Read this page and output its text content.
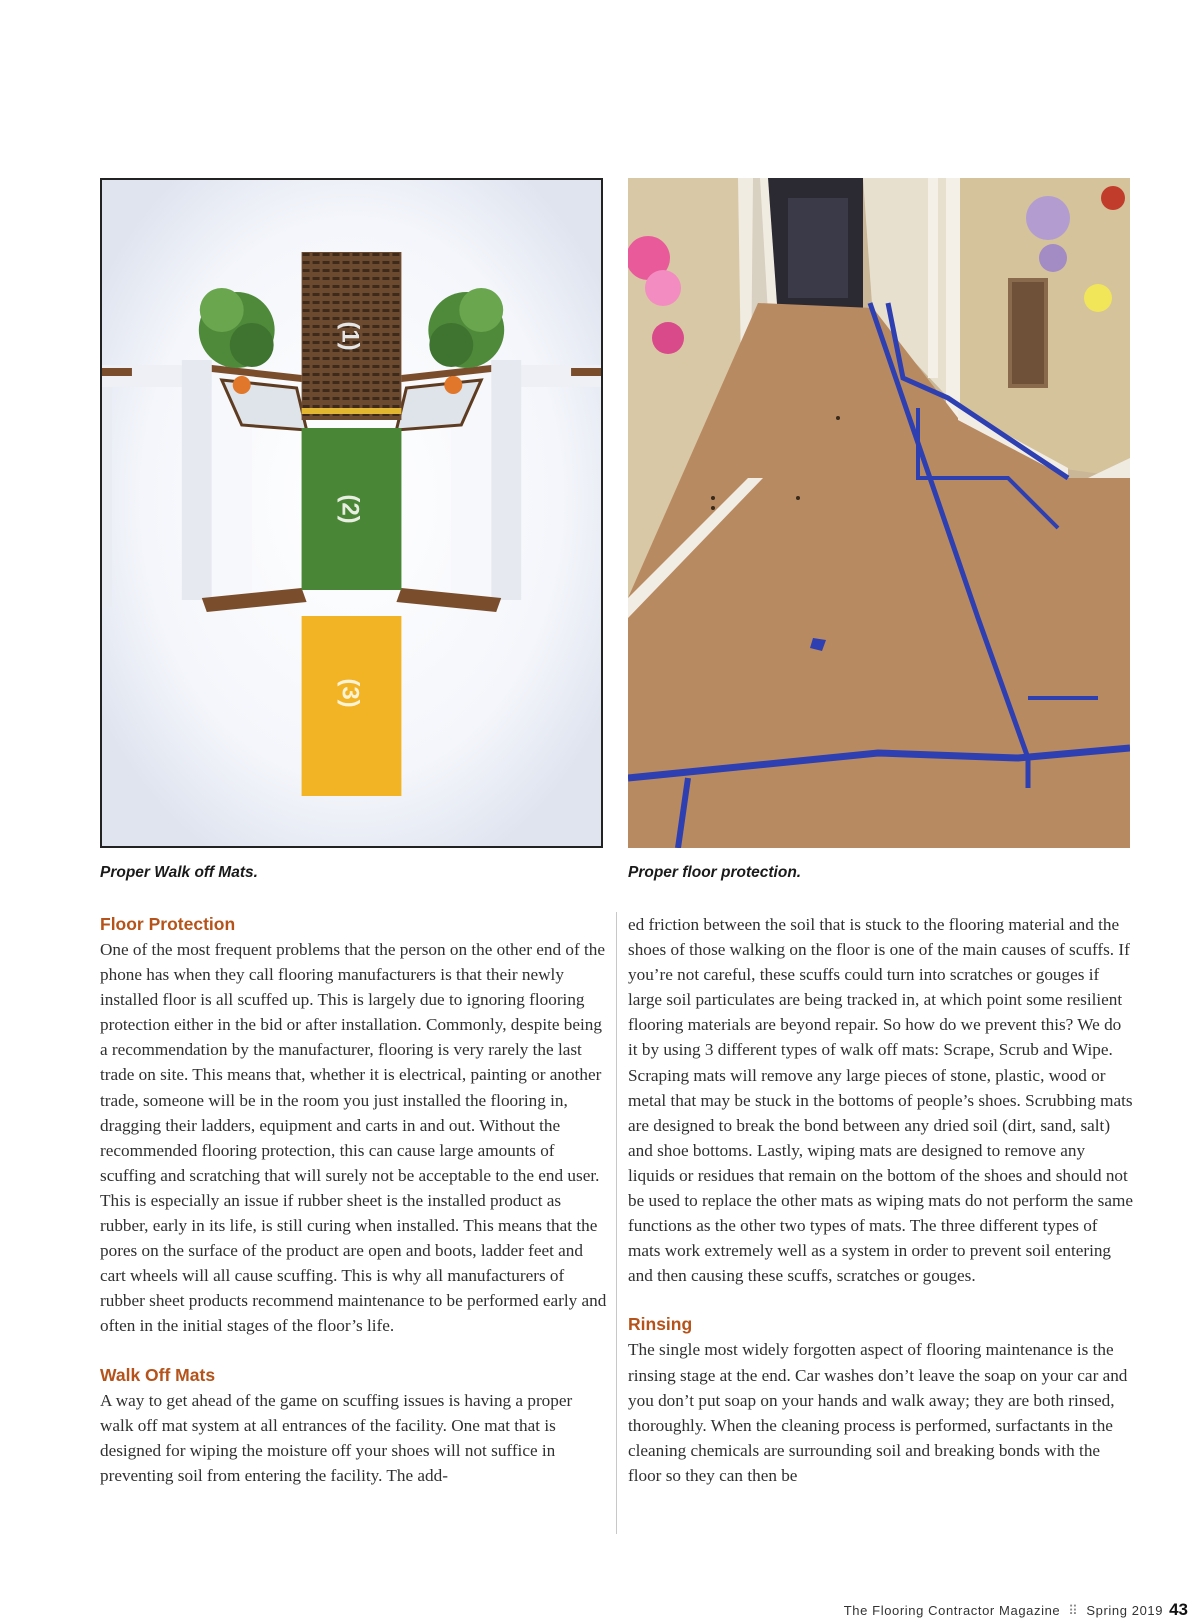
(1)
(2)
(3)
Proper Walk off Mats.	Proper floor protection.
Floor Protection

One of the most frequent problems that the person on the other end of the phone has when they call flooring manufacturers is that their newly installed floor is all scuffed up. This is largely due to ignoring flooring protection either in the bid or after installation. Commonly, despite being a recommendation by the manufacturer, flooring is very rarely the last trade on site. This means that, whether it is electrical, painting or another trade, someone will be in the room you just installed the flooring in, dragging their ladders, equipment and carts in and out. Without the recommended flooring protection, this can cause large amounts of scuffing and scratching that will surely not be acceptable to the end user. This is especially an issue if rubber sheet is the installed product as rubber, early in its life, is still curing when installed. This means that the pores on the surface of the product are open and boots, ladder feet and cart wheels will all cause scuffing. This is why all manufacturers of rubber sheet products recommend maintenance to be performed early and often in the initial stages of the floor’s life.

Walk Off Mats

A way to get ahead of the game on scuffing issues is having a proper walk off mat system at all entrances of the facility. One mat that is designed for wiping the moisture off your shoes will not suffice in preventing soil from entering the facility. The add-

ed friction between the soil that is stuck to the flooring material and the shoes of those walking on the floor is one of the main causes of scuffs. If you’re not careful, these scuffs could turn into scratches or gouges if large soil particulates are being tracked in, at which point some resilient flooring materials are beyond repair. So how do we prevent this? We do it by using 3 different types of walk off mats: Scrape, Scrub and Wipe. Scraping mats will remove any large pieces of stone, plastic, wood or metal that may be stuck in the bottoms of people’s shoes. Scrubbing mats are designed to break the bond between any dried soil (dirt, sand, salt) and shoe bottoms. Lastly, wiping mats are designed to remove any liquids or residues that remain on the bottom of the shoes and should not be used to replace the other mats as wiping mats do not perform the same functions as the other two types of mats. The three different types of mats work extremely well as a system in order to prevent soil entering and then causing these scuffs, scratches or gouges.

Rinsing

The single most widely forgotten aspect of flooring maintenance is the rinsing stage at the end. Car washes don’t leave the soap on your car and you don’t put soap on your hands and walk away; they are both rinsed, thoroughly. When the cleaning process is performed, surfactants in the cleaning chemicals are surrounding soil and breaking bonds with the floor so they can then be

The Flooring Contractor Magazine ⠿ Spring 2019 43
